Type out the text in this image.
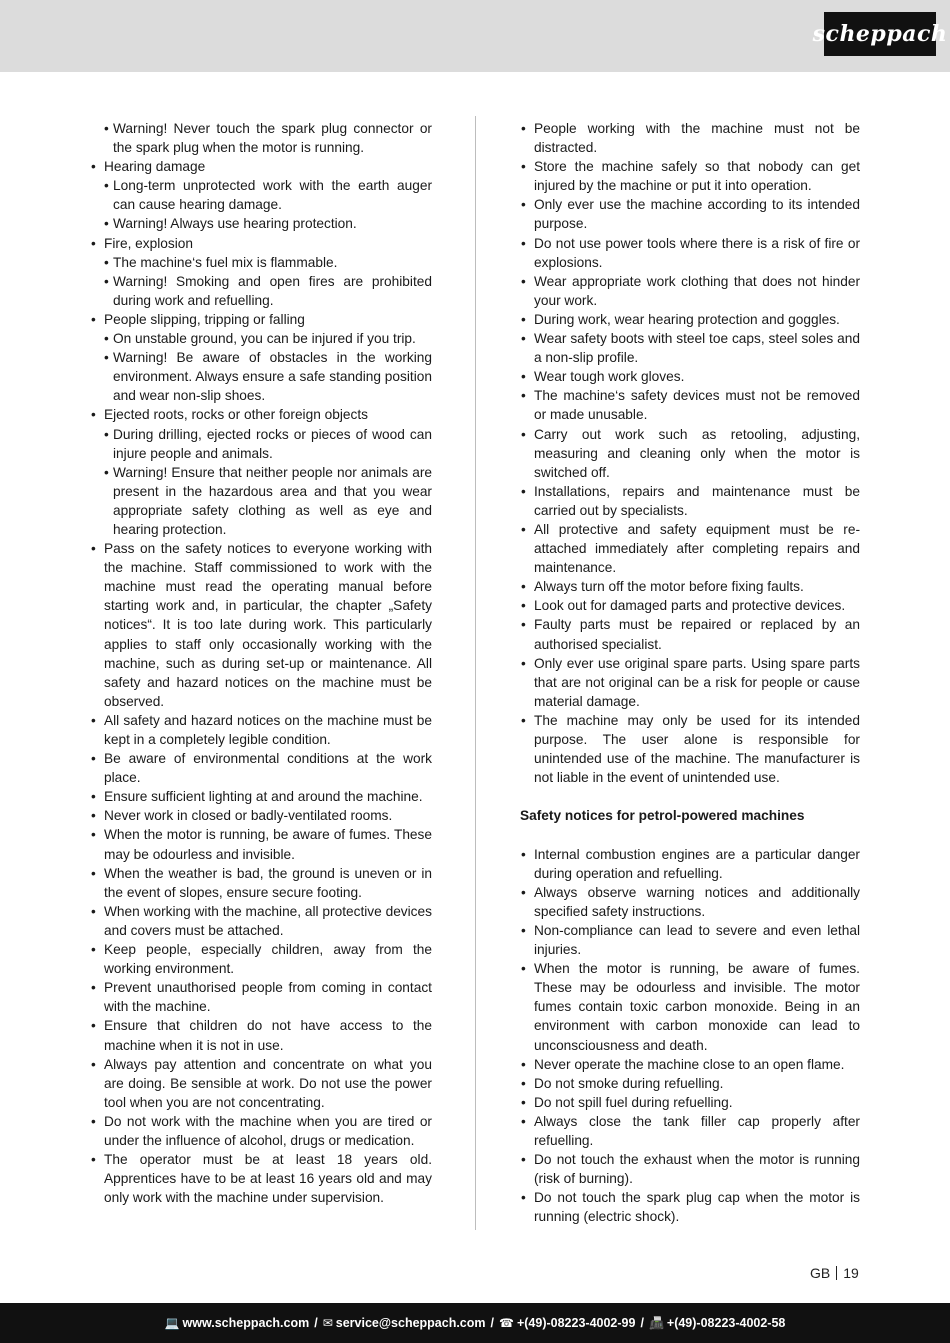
scheppach
• Warning! Never touch the spark plug connector or the spark plug when the motor is running.
• Hearing damage
• Long-term unprotected work with the earth auger can cause hearing damage.
• Warning! Always use hearing protection.
• Fire, explosion
• The machine‘s fuel mix is flammable.
• Warning! Smoking and open fires are prohibited during work and refuelling.
• People slipping, tripping or falling
• On unstable ground, you can be injured if you trip.
• Warning! Be aware of obstacles in the working environment. Always ensure a safe standing position and wear non-slip shoes.
• Ejected roots, rocks or other foreign objects
• During drilling, ejected rocks or pieces of wood can injure people and animals.
• Warning! Ensure that neither people nor animals are present in the hazardous area and that you wear appropriate safety clothing as well as eye and hearing protection.
• Pass on the safety notices to everyone working with the machine. Staff commissioned to work with the machine must read the operating manual before starting work and, in particular, the chapter „Safety notices“. It is too late during work. This particularly applies to staff only occasionally working with the machine, such as during set-up or maintenance. All safety and hazard notices on the machine must be observed.
• All safety and hazard notices on the machine must be kept in a completely legible condition.
• Be aware of environmental conditions at the work place.
• Ensure sufficient lighting at and around the machine.
• Never work in closed or badly-ventilated rooms.
• When the motor is running, be aware of fumes. These may be odourless and invisible.
• When the weather is bad, the ground is uneven or in the event of slopes, ensure secure footing.
• When working with the machine, all protective devices and covers must be attached.
• Keep people, especially children, away from the working environment.
• Prevent unauthorised people from coming in contact with the machine.
• Ensure that children do not have access to the machine when it is not in use.
• Always pay attention and concentrate on what you are doing. Be sensible at work. Do not use the power tool when you are not concentrating.
• Do not work with the machine when you are tired or under the influence of alcohol, drugs or medication.
• The operator must be at least 18 years old. Apprentices have to be at least 16 years old and may only work with the machine under supervision.
• People working with the machine must not be distracted.
• Store the machine safely so that nobody can get injured by the machine or put it into operation.
• Only ever use the machine according to its intended purpose.
• Do not use power tools where there is a risk of fire or explosions.
• Wear appropriate work clothing that does not hinder your work.
• During work, wear hearing protection and goggles.
• Wear safety boots with steel toe caps, steel soles and a non-slip profile.
• Wear tough work gloves.
• The machine‘s safety devices must not be removed or made unusable.
• Carry out work such as retooling, adjusting, measuring and cleaning only when the motor is switched off.
• Installations, repairs and maintenance must be carried out by specialists.
• All protective and safety equipment must be re-attached immediately after completing repairs and maintenance.
• Always turn off the motor before fixing faults.
• Look out for damaged parts and protective devices.
• Faulty parts must be repaired or replaced by an authorised specialist.
• Only ever use original spare parts. Using spare parts that are not original can be a risk for people or cause material damage.
• The machine may only be used for its intended purpose. The user alone is responsible for unintended use of the machine. The manufacturer is not liable in the event of unintended use.
Safety notices for petrol-powered machines
• Internal combustion engines are a particular danger during operation and refuelling.
• Always observe warning notices and additionally specified safety instructions.
• Non-compliance can lead to severe and even lethal injuries.
• When the motor is running, be aware of fumes. These may be odourless and invisible. The motor fumes contain toxic carbon monoxide. Being in an environment with carbon monoxide can lead to unconsciousness and death.
• Never operate the machine close to an open flame.
• Do not smoke during refuelling.
• Do not spill fuel during refuelling.
• Always close the tank filler cap properly after refuelling.
• Do not touch the exhaust when the motor is running (risk of burning).
• Do not touch the spark plug cap when the motor is running (electric shock).
GB 19
💻 www.scheppach.com / ✉ service@scheppach.com / ☎ +(49)-08223-4002-99 / 📠 +(49)-08223-4002-58
